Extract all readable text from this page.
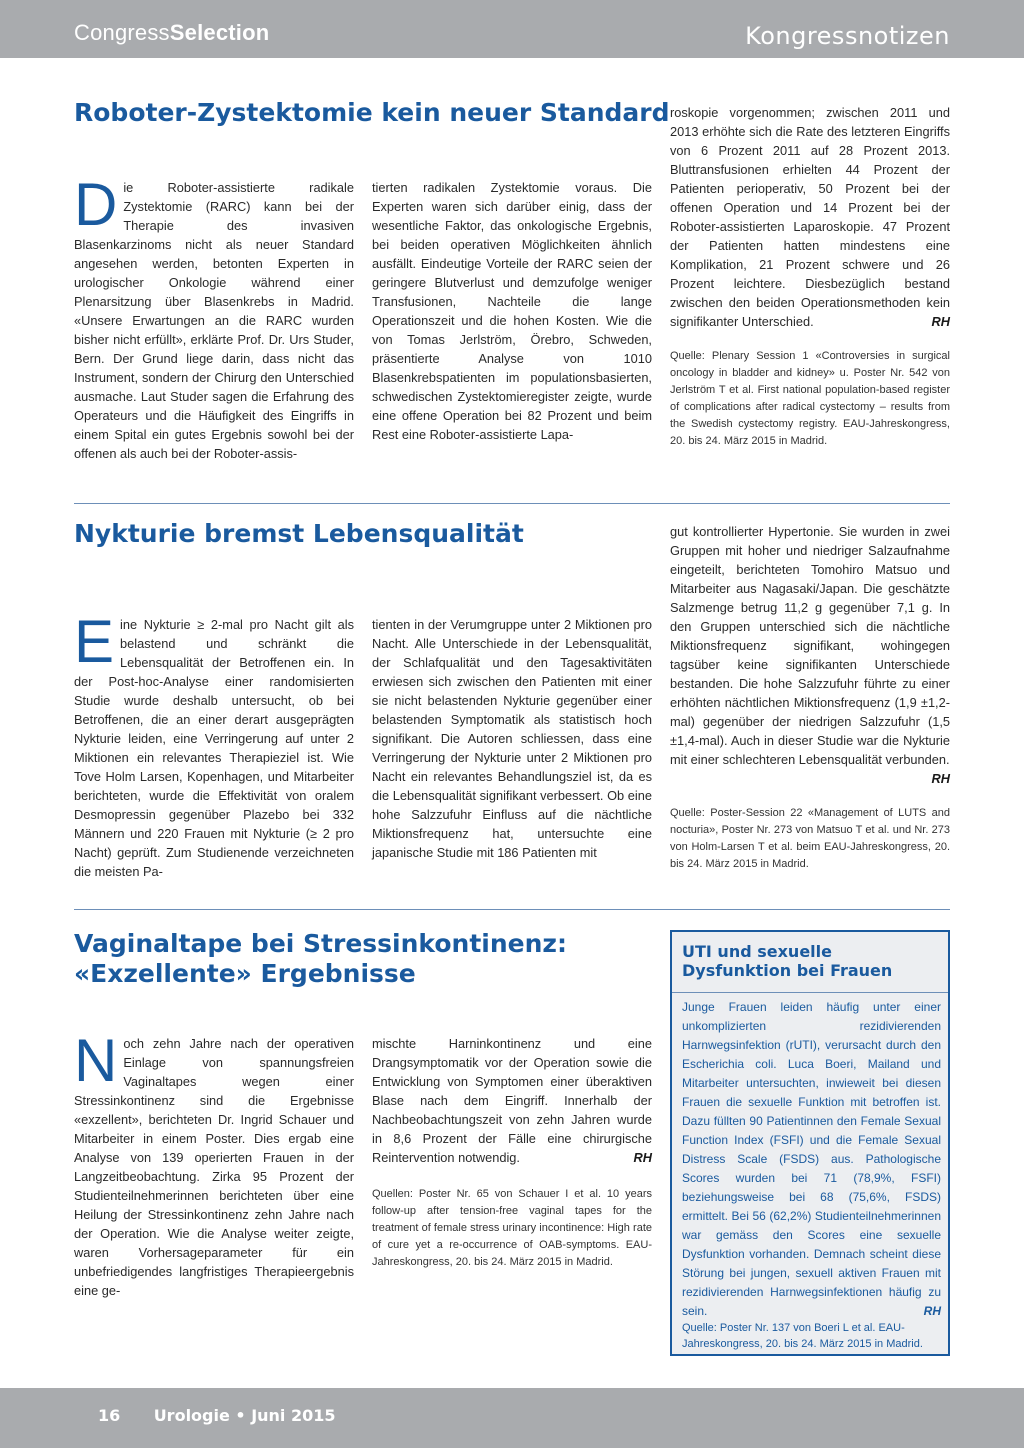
CongressSelection	Kongressnotizen
Roboter-Zystektomie kein neuer Standard

Die Roboter-assistierte radikale Zystektomie (RARC) kann bei der Therapie des invasiven Blasenkarzinoms nicht als neuer Standard angesehen werden, betonten Experten in urologischer Onkologie während einer Plenarsitzung über Blasenkrebs in Madrid. «Unsere Erwartungen an die RARC wurden bisher nicht erfüllt», erklärte Prof. Dr. Urs Studer, Bern. Der Grund liege darin, dass nicht das Instrument, sondern der Chirurg den Unterschied ausmache. Laut Studer sagen die Erfahrung des Operateurs und die Häufigkeit des Eingriffs in einem Spital ein gutes Ergebnis sowohl bei der offenen als auch bei der Roboter-assis-

tierten radikalen Zystektomie voraus. Die Experten waren sich darüber einig, dass der wesentliche Faktor, das onkologische Ergebnis, bei beiden operativen Möglichkeiten ähnlich ausfällt. Eindeutige Vorteile der RARC seien der geringere Blutverlust und demzufolge weniger Transfusionen, Nachteile die lange Operationszeit und die hohen Kosten. Wie die von Tomas Jerlström, Örebro, Schweden, präsentierte Analyse von 1010 Blasenkrebspatienten im populationsbasierten, schwedischen Zystektomieregister zeigte, wurde eine offene Operation bei 82 Prozent und beim Rest eine Roboter-assistierte Lapa-

roskopie vorgenommen; zwischen 2011 und 2013 erhöhte sich die Rate des letzteren Eingriffs von 6 Prozent 2011 auf 28 Prozent 2013. Bluttransfusionen erhielten 44 Prozent der Patienten perioperativ, 50 Prozent bei der offenen Operation und 14 Prozent bei der Roboter-assistierten Laparoskopie. 47 Prozent der Patienten hatten mindestens eine Komplikation, 21 Prozent schwere und 26 Prozent leichtere. Diesbezüglich bestand zwischen den beiden Operationsmethoden kein signifikanter Unterschied.	RH

Quelle: Plenary Session 1 «Controversies in surgical oncology in bladder and kidney» u. Poster Nr. 542 von Jerlström T et al. First national population-based register of complications after radical cystectomy – results from the Swedish cystectomy registry. EAU-Jahreskongress, 20. bis 24. März 2015 in Madrid.

Nykturie bremst Lebensqualität

Eine Nykturie ≥ 2-mal pro Nacht gilt als belastend und schränkt die Lebensqualität der Betroffenen ein. In der Post-hoc-Analyse einer randomisierten Studie wurde deshalb untersucht, ob bei Betroffenen, die an einer derart ausgeprägten Nykturie leiden, eine Verringerung auf unter 2 Miktionen ein relevantes Therapieziel ist. Wie Tove Holm Larsen, Kopenhagen, und Mitarbeiter berichteten, wurde die Effektivität von oralem Desmopressin gegenüber Plazebo bei 332 Männern und 220 Frauen mit Nykturie (≥ 2 pro Nacht) geprüft. Zum Studienende verzeichneten die meisten Pa-

tienten in der Verumgruppe unter 2 Miktionen pro Nacht. Alle Unterschiede in der Lebensqualität, der Schlafqualität und den Tagesaktivitäten erwiesen sich zwischen den Patienten mit einer sie nicht belastenden Nykturie gegenüber einer belastenden Symptomatik als statistisch hoch signifikant. Die Autoren schliessen, dass eine Verringerung der Nykturie unter 2 Miktionen pro Nacht ein relevantes Behandlungsziel ist, da es die Lebensqualität signifikant verbessert. Ob eine hohe Salzzufuhr Einfluss auf die nächtliche Miktionsfrequenz hat, untersuchte eine japanische Studie mit 186 Patienten mit

gut kontrollierter Hypertonie. Sie wurden in zwei Gruppen mit hoher und niedriger Salzaufnahme eingeteilt, berichteten Tomohiro Matsuo und Mitarbeiter aus Nagasaki/Japan. Die geschätzte Salzmenge betrug 11,2 g gegenüber 7,1 g. In den Gruppen unterschied sich die nächtliche Miktionsfrequenz signifikant, wohingegen tagsüber keine signifikanten Unterschiede bestanden. Die hohe Salzzufuhr führte zu einer erhöhten nächtlichen Miktionsfrequenz (1,9 ±1,2-mal) gegenüber der niedrigen Salzzufuhr (1,5 ±1,4-mal). Auch in dieser Studie war die Nykturie mit einer schlechteren Lebensqualität verbunden.
RH

Quelle: Poster-Session 22 «Management of LUTS and nocturia», Poster Nr. 273 von Matsuo T et al. und Nr. 273 von Holm-Larsen T et al. beim EAU-Jahreskongress, 20. bis 24. März 2015 in Madrid.

Vaginaltape bei Stressinkontinenz:
«Exzellente» Ergebnisse

Noch zehn Jahre nach der operativen Einlage von spannungsfreien Vaginaltapes wegen einer Stressinkontinenz sind die Ergebnisse «exzellent», berichteten Dr. Ingrid Schauer und Mitarbeiter in einem Poster. Dies ergab eine Analyse von 139 operierten Frauen in der Langzeitbeobachtung. Zirka 95 Prozent der Studienteilnehmerinnen berichteten über eine Heilung der Stressinkontinenz zehn Jahre nach der Operation. Wie die Analyse weiter zeigte, waren Vorhersageparameter für ein unbefriedigendes langfristiges Therapieergebnis eine ge-

mischte Harninkontinenz und eine Drangsymptomatik vor der Operation sowie die Entwicklung von Symptomen einer überaktiven Blase nach dem Eingriff. Innerhalb der Nachbeobachtungszeit von zehn Jahren wurde in 8,6 Prozent der Fälle eine chirurgische Reintervention notwendig.	RH

Quellen: Poster Nr. 65 von Schauer I et al. 10 years follow-up after tension-free vaginal tapes for the treatment of female stress urinary incontinence: High rate of cure yet a re-occurrence of OAB-symptoms. EAU-Jahreskongress, 20. bis 24. März 2015 in Madrid.

UTI und sexuelle
Dysfunktion bei Frauen

Junge Frauen leiden häufig unter einer unkomplizierten rezidivierenden Harnwegsinfektion (rUTI), verursacht durch den Escherichia coli. Luca Boeri, Mailand und Mitarbeiter untersuchten, inwieweit bei diesen Frauen die sexuelle Funktion mit betroffen ist. Dazu füllten 90 Patientinnen den Female Sexual Function Index (FSFI) und die Female Sexual Distress Scale (FSDS) aus. Pathologische Scores wurden bei 71 (78,9%, FSFI) beziehungsweise bei 68 (75,6%, FSDS) ermittelt. Bei 56 (62,2%) Studienteilnehmerinnen war gemäss den Scores eine sexuelle Dysfunktion vorhanden. Demnach scheint diese Störung bei jungen, sexuell aktiven Frauen mit rezidivierenden Harnwegsinfektionen häufig zu sein.	RH

Quelle: Poster Nr. 137 von Boeri L et al. EAU-Jahreskongress, 20. bis 24. März 2015 in Madrid.

16 Urologie • Juni 2015
